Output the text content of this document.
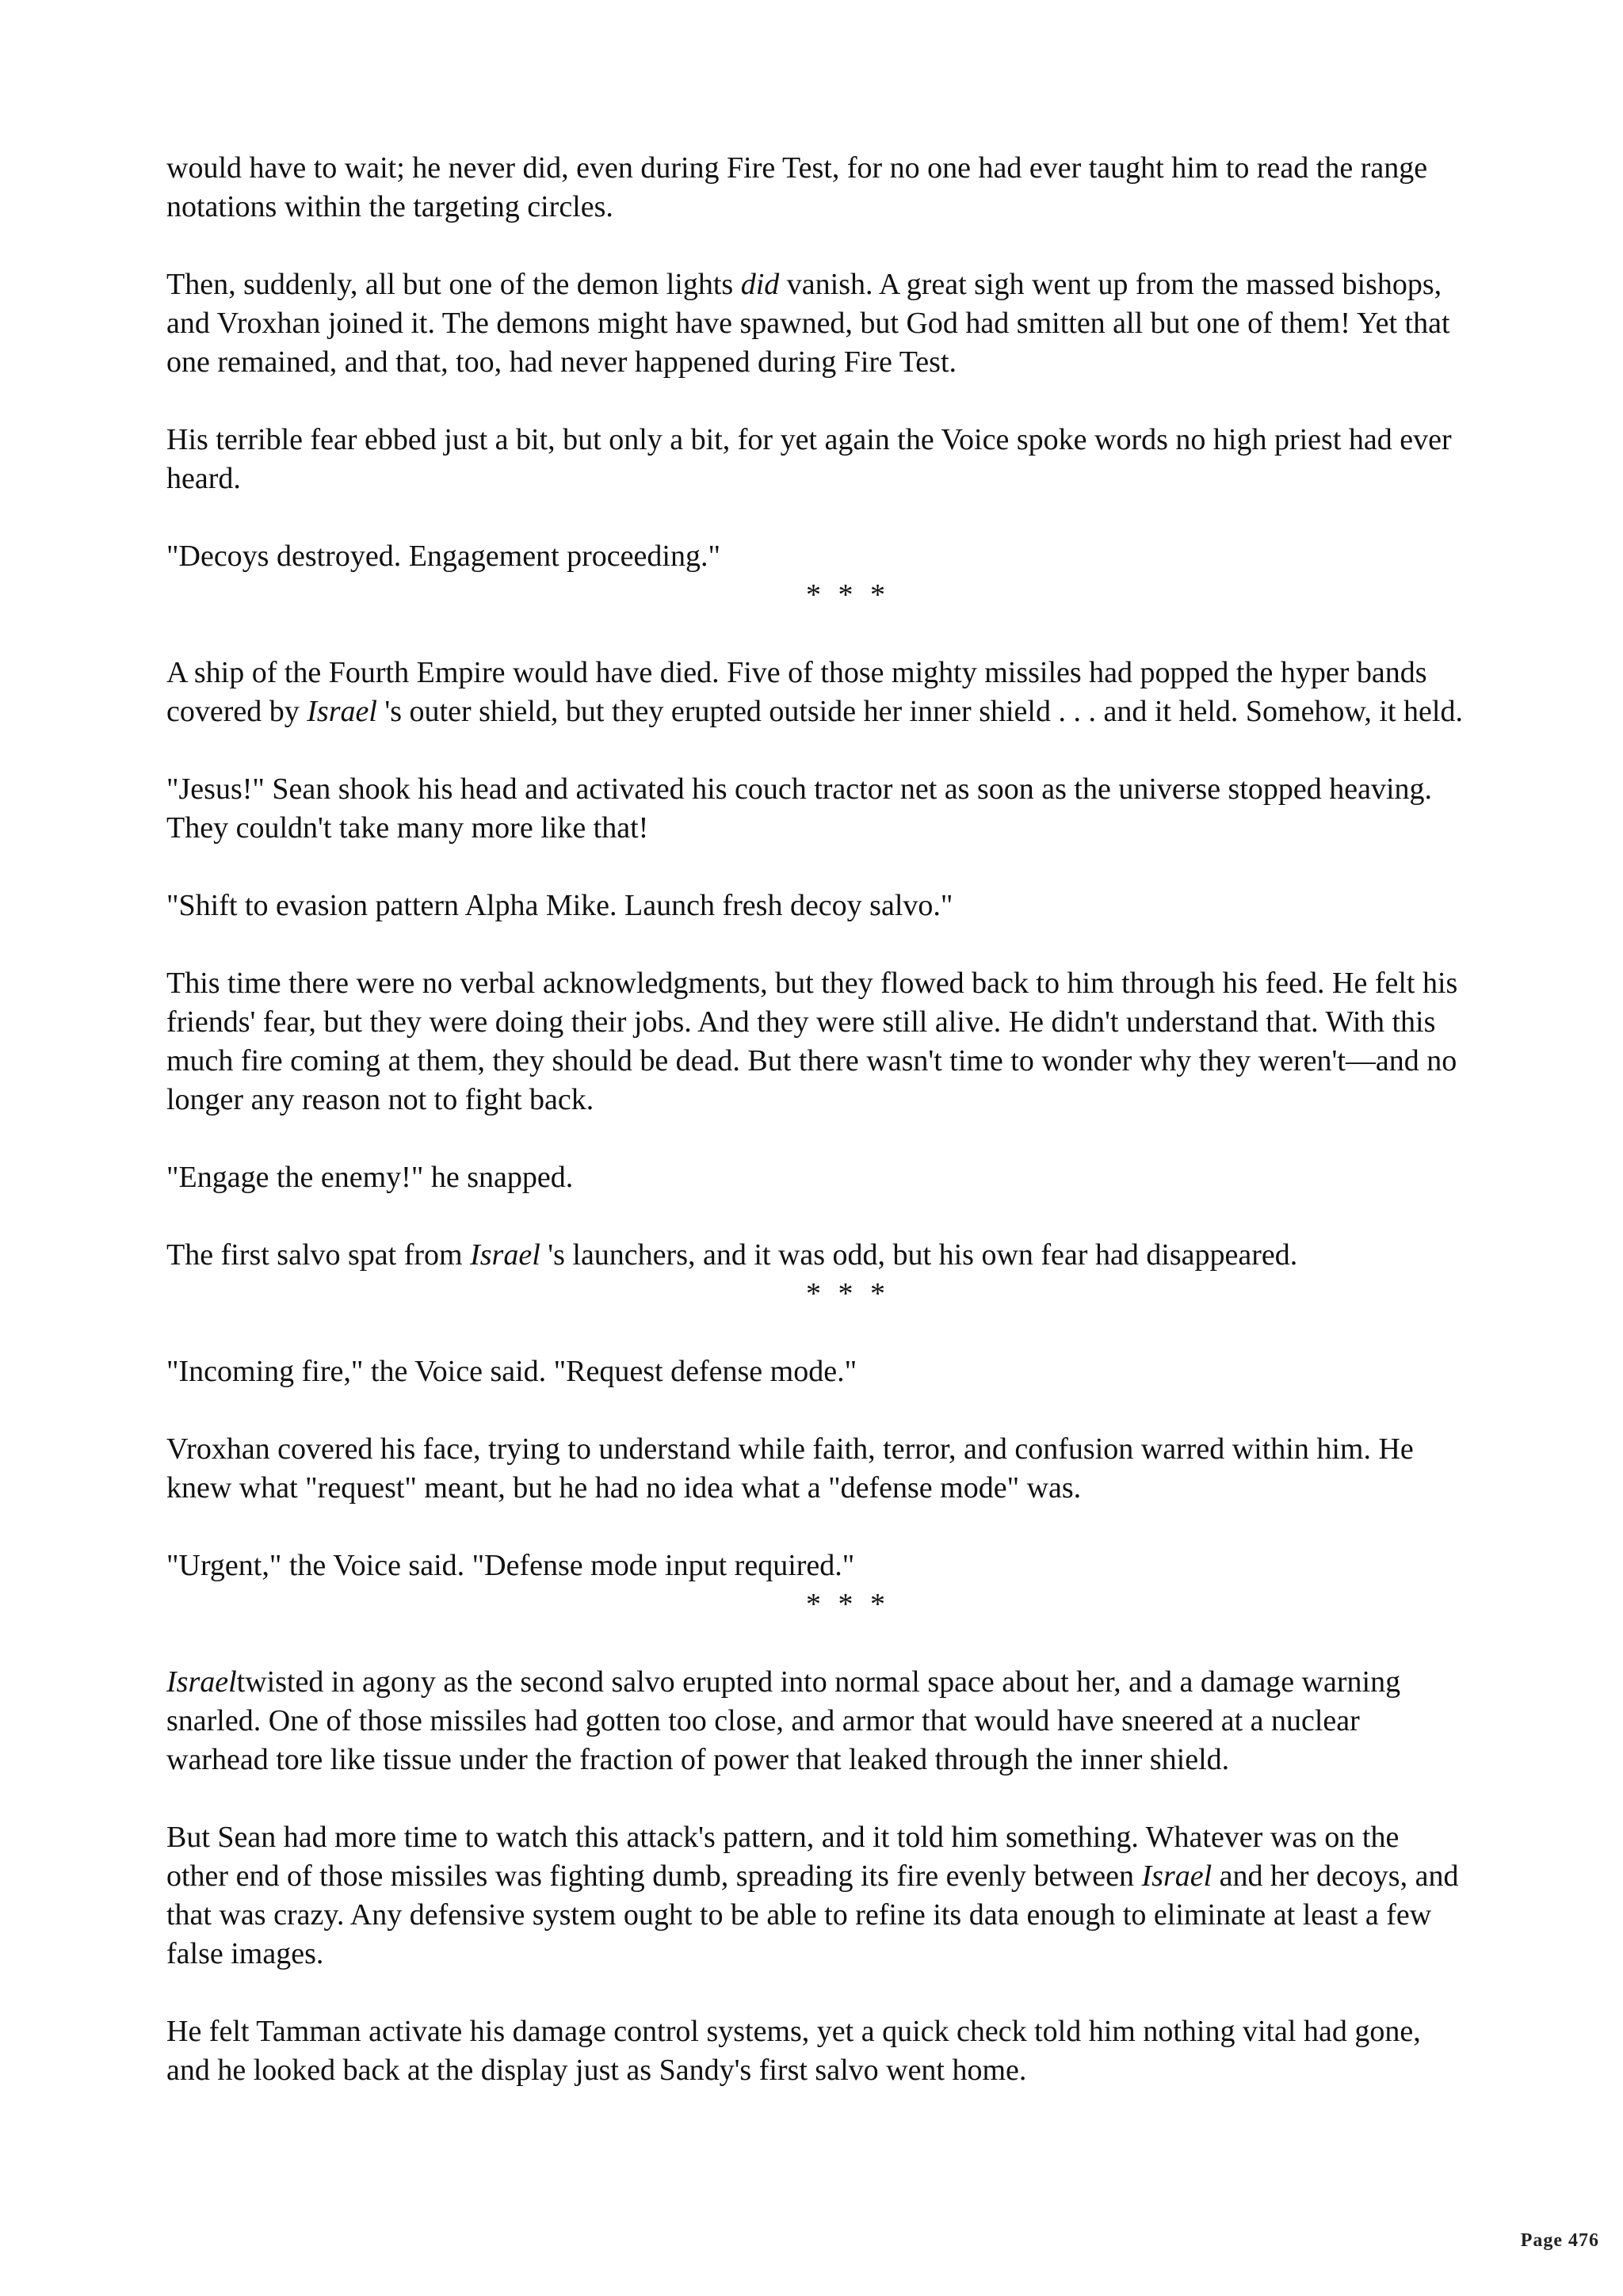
would have to wait; he never did, even during Fire Test, for no one had ever taught him to read the range notations within the targeting circles.

Then, suddenly, all but one of the demon lights did vanish. A great sigh went up from the massed bishops, and Vroxhan joined it. The demons might have spawned, but God had smitten all but one of them! Yet that one remained, and that, too, had never happened during Fire Test.

His terrible fear ebbed just a bit, but only a bit, for yet again the Voice spoke words no high priest had ever heard.

"Decoys destroyed. Engagement proceeding."

* * *

A ship of the Fourth Empire would have died. Five of those mighty missiles had popped the hyper bands covered by Israel 's outer shield, but they erupted outside her inner shield . . . and it held. Somehow, it held.

"Jesus!" Sean shook his head and activated his couch tractor net as soon as the universe stopped heaving. They couldn't take many more like that!

"Shift to evasion pattern Alpha Mike. Launch fresh decoy salvo."

This time there were no verbal acknowledgments, but they flowed back to him through his feed. He felt his friends' fear, but they were doing their jobs. And they were still alive. He didn't understand that. With this much fire coming at them, they should be dead. But there wasn't time to wonder why they weren't—and no longer any reason not to fight back.

"Engage the enemy!" he snapped.

The first salvo spat from Israel 's launchers, and it was odd, but his own fear had disappeared.

* * *

"Incoming fire," the Voice said. "Request defense mode."

Vroxhan covered his face, trying to understand while faith, terror, and confusion warred within him. He knew what "request" meant, but he had no idea what a "defense mode" was.

"Urgent," the Voice said. "Defense mode input required."

* * *

Israeltwisted in agony as the second salvo erupted into normal space about her, and a damage warning snarled. One of those missiles had gotten too close, and armor that would have sneered at a nuclear warhead tore like tissue under the fraction of power that leaked through the inner shield.

But Sean had more time to watch this attack's pattern, and it told him something. Whatever was on the other end of those missiles was fighting dumb, spreading its fire evenly between Israel and her decoys, and that was crazy. Any defensive system ought to be able to refine its data enough to eliminate at least a few false images.

He felt Tamman activate his damage control systems, yet a quick check told him nothing vital had gone, and he looked back at the display just as Sandy's first salvo went home.

Page 476
